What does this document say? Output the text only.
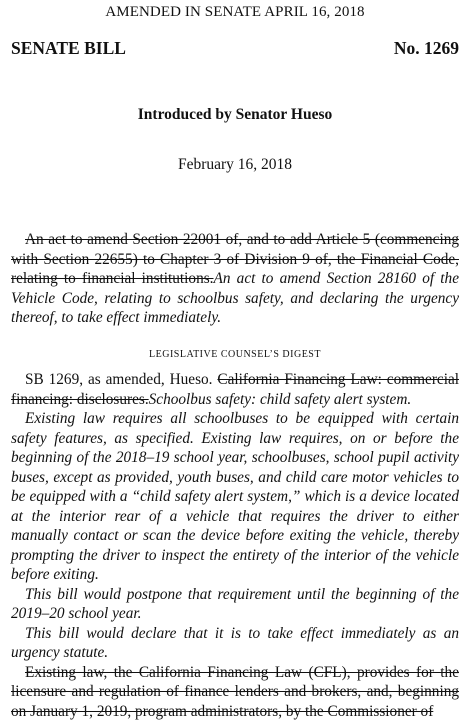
AMENDED IN SENATE APRIL 16, 2018
SENATE BILL	No. 1269
Introduced by Senator Hueso
February 16, 2018
An act to amend Section 22001 of, and to add Article 5 (commencing with Section 22655) to Chapter 3 of Division 9 of, the Financial Code, relating to financial institutions.An act to amend Section 28160 of the Vehicle Code, relating to schoolbus safety, and declaring the urgency thereof, to take effect immediately.
LEGISLATIVE COUNSEL’S DIGEST

SB 1269, as amended, Hueso. California Financing Law: commercial financing: disclosures.Schoolbus safety: child safety alert system.

Existing law requires all schoolbuses to be equipped with certain safety features, as specified. Existing law requires, on or before the beginning of the 2018–19 school year, schoolbuses, school pupil activity buses, except as provided, youth buses, and child care motor vehicles to be equipped with a “child safety alert system,” which is a device located at the interior rear of a vehicle that requires the driver to either manually contact or scan the device before exiting the vehicle, thereby prompting the driver to inspect the entirety of the interior of the vehicle before exiting.

This bill would postpone that requirement until the beginning of the 2019–20 school year.

This bill would declare that it is to take effect immediately as an urgency statute.

Existing law, the California Financing Law (CFL), provides for the licensure and regulation of finance lenders and brokers, and, beginning on January 1, 2019, program administrators, by the Commissioner of
